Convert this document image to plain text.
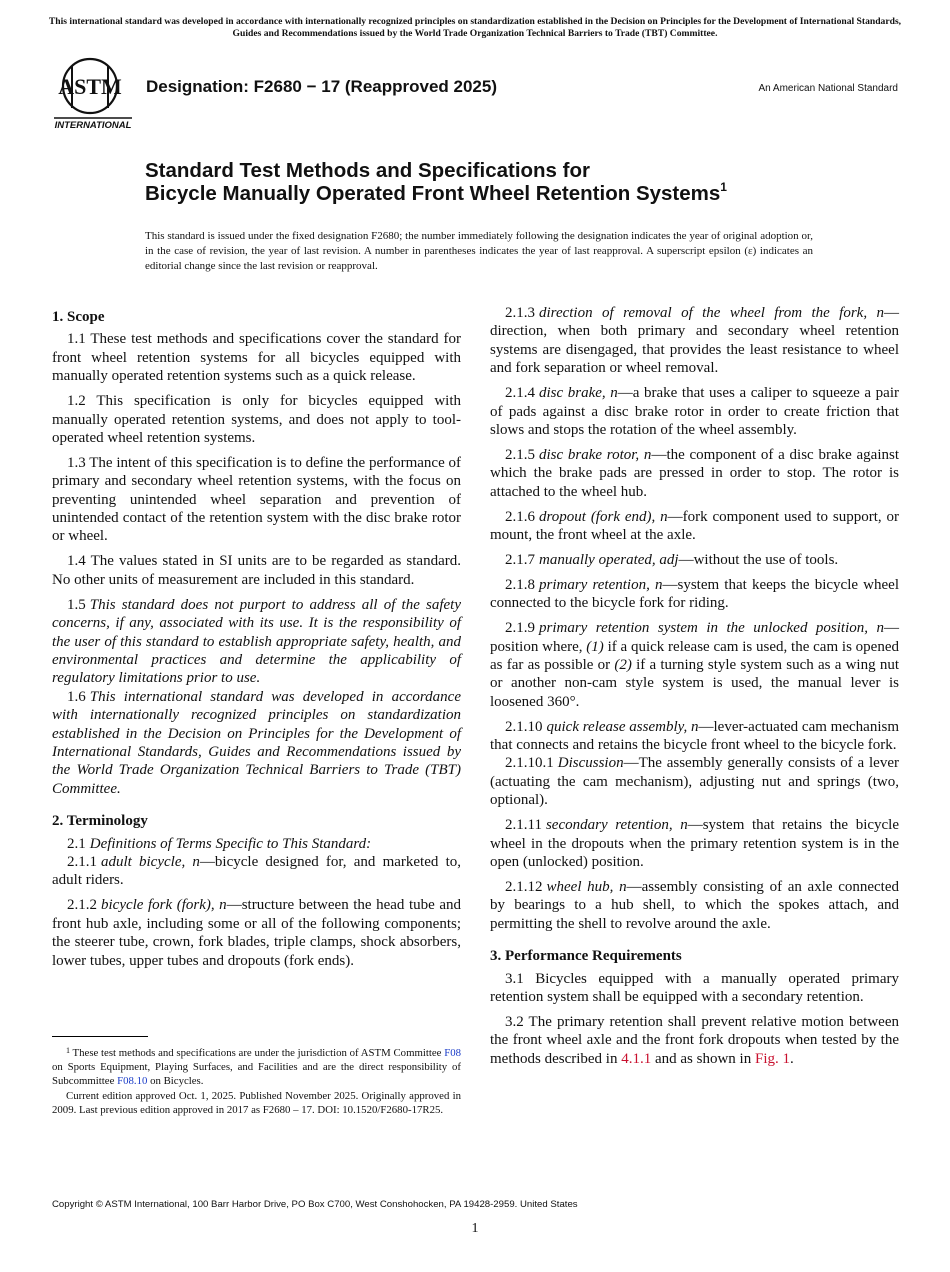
This international standard was developed in accordance with internationally recognized principles on standardization established in the Decision on Principles for the Development of International Standards, Guides and Recommendations issued by the World Trade Organization Technical Barriers to Trade (TBT) Committee.
ASTM
INTERNATIONAL
Designation: F2680 − 17 (Reapproved 2025)	An American National Standard
Standard Test Methods and Specifications for
Bicycle Manually Operated Front Wheel Retention Systems$^1$
This standard is issued under the fixed designation F2680; the number immediately following the designation indicates the year of original adoption or, in the case of revision, the year of last revision. A number in parentheses indicates the year of last reapproval. A superscript epsilon (ε) indicates an editorial change since the last revision or reapproval.
1. Scope

1.1 These test methods and specifications cover the standard for front wheel retention systems for all bicycles equipped with manually operated retention systems such as a quick release.

1.2 This specification is only for bicycles equipped with manually operated retention systems, and does not apply to tool-operated wheel retention systems.

1.3 The intent of this specification is to define the performance of primary and secondary wheel retention systems, with the focus on preventing unintended wheel separation and prevention of unintended contact of the retention system with the disc brake rotor or wheel.

1.4 The values stated in SI units are to be regarded as standard. No other units of measurement are included in this standard.

1.5 This standard does not purport to address all of the safety concerns, if any, associated with its use. It is the responsibility of the user of this standard to establish appropriate safety, health, and environmental practices and determine the applicability of regulatory limitations prior to use.

1.6 This international standard was developed in accordance with internationally recognized principles on standardization established in the Decision on Principles for the Development of International Standards, Guides and Recommendations issued by the World Trade Organization Technical Barriers to Trade (TBT) Committee.

2. Terminology

2.1 Definitions of Terms Specific to This Standard:

2.1.1 adult bicycle, n—bicycle designed for, and marketed to, adult riders.

2.1.2 bicycle fork (fork), n—structure between the head tube and front hub axle, including some or all of the following components; the steerer tube, crown, fork blades, triple clamps, shock absorbers, lower tubes, upper tubes and dropouts (fork ends).

2.1.3 direction of removal of the wheel from the fork, n—direction, when both primary and secondary wheel retention systems are disengaged, that provides the least resistance to wheel and fork separation or wheel removal.

2.1.4 disc brake, n—a brake that uses a caliper to squeeze a pair of pads against a disc brake rotor in order to create friction that slows and stops the rotation of the wheel assembly.

2.1.5 disc brake rotor, n—the component of a disc brake against which the brake pads are pressed in order to stop. The rotor is attached to the wheel hub.

2.1.6 dropout (fork end), n—fork component used to support, or mount, the front wheel at the axle.

2.1.7 manually operated, adj—without the use of tools.

2.1.8 primary retention, n—system that keeps the bicycle wheel connected to the bicycle fork for riding.

2.1.9 primary retention system in the unlocked position, n—position where, (1) if a quick release cam is used, the cam is opened as far as possible or (2) if a turning style system such as a wing nut or another non-cam style system is used, the manual lever is loosened 360°.

2.1.10 quick release assembly, n—lever-actuated cam mechanism that connects and retains the bicycle front wheel to the bicycle fork.

2.1.10.1 Discussion—The assembly generally consists of a lever (actuating the cam mechanism), adjusting nut and springs (two, optional).

2.1.11 secondary retention, n—system that retains the bicycle wheel in the dropouts when the primary retention system is in the open (unlocked) position.

2.1.12 wheel hub, n—assembly consisting of an axle connected by bearings to a hub shell, to which the spokes attach, and permitting the shell to revolve around the axle.

3. Performance Requirements

3.1 Bicycles equipped with a manually operated primary retention system shall be equipped with a secondary retention.

3.2 The primary retention shall prevent relative motion between the front wheel axle and the front fork dropouts when tested by the methods described in 4.1.1 and as shown in Fig. 1.

$^1$ These test methods and specifications are under the jurisdiction of ASTM Committee F08 on Sports Equipment, Playing Surfaces, and Facilities and are the direct responsibility of Subcommittee F08.10 on Bicycles.

Current edition approved Oct. 1, 2025. Published November 2025. Originally approved in 2009. Last previous edition approved in 2017 as F2680 – 17. DOI: 10.1520/F2680-17R25.

Copyright © ASTM International, 100 Barr Harbor Drive, PO Box C700, West Conshohocken, PA 19428-2959. United States
1
